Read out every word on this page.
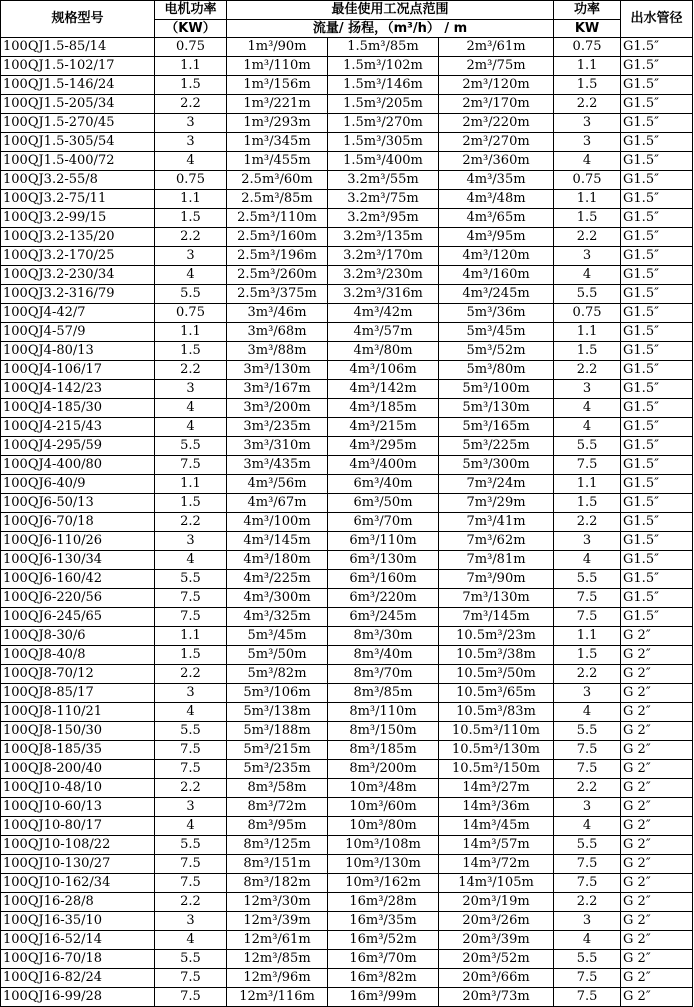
规格型号	电机功率	最佳使用工况点范围			功率	出水管径
	（KW）	流量/ 扬程，（m³/h） / m			KW	
100QJ1.5-85/14	0.75	1m³/90m	1.5m³/85m	2m³/61m	0.75	G1.5″
100QJ1.5-102/17	1.1	1m³/110m	1.5m³/102m	2m³/75m	1.1	G1.5″
100QJ1.5-146/24	1.5	1m³/156m	1.5m³/146m	2m³/120m	1.5	G1.5″
100QJ1.5-205/34	2.2	1m³/221m	1.5m³/205m	2m³/170m	2.2	G1.5″
100QJ1.5-270/45	3	1m³/293m	1.5m³/270m	2m³/220m	3	G1.5″
100QJ1.5-305/54	3	1m³/345m	1.5m³/305m	2m³/270m	3	G1.5″
100QJ1.5-400/72	4	1m³/455m	1.5m³/400m	2m³/360m	4	G1.5″
100QJ3.2-55/8	0.75	2.5m³/60m	3.2m³/55m	4m³/35m	0.75	G1.5″
100QJ3.2-75/11	1.1	2.5m³/85m	3.2m³/75m	4m³/48m	1.1	G1.5″
100QJ3.2-99/15	1.5	2.5m³/110m	3.2m³/95m	4m³/65m	1.5	G1.5″
100QJ3.2-135/20	2.2	2.5m³/160m	3.2m³/135m	4m³/95m	2.2	G1.5″
100QJ3.2-170/25	3	2.5m³/196m	3.2m³/170m	4m³/120m	3	G1.5″
100QJ3.2-230/34	4	2.5m³/260m	3.2m³/230m	4m³/160m	4	G1.5″
100QJ3.2-316/79	5.5	2.5m³/375m	3.2m³/316m	4m³/245m	5.5	G1.5″
100QJ4-42/7	0.75	3m³/46m	4m³/42m	5m³/36m	0.75	G1.5″
100QJ4-57/9	1.1	3m³/68m	4m³/57m	5m³/45m	1.1	G1.5″
100QJ4-80/13	1.5	3m³/88m	4m³/80m	5m³/52m	1.5	G1.5″
100QJ4-106/17	2.2	3m³/130m	4m³/106m	5m³/80m	2.2	G1.5″
100QJ4-142/23	3	3m³/167m	4m³/142m	5m³/100m	3	G1.5″
100QJ4-185/30	4	3m³/200m	4m³/185m	5m³/130m	4	G1.5″
100QJ4-215/43	4	3m³/235m	4m³/215m	5m³/165m	4	G1.5″
100QJ4-295/59	5.5	3m³/310m	4m³/295m	5m³/225m	5.5	G1.5″
100QJ4-400/80	7.5	3m³/435m	4m³/400m	5m³/300m	7.5	G1.5″
100QJ6-40/9	1.1	4m³/56m	6m³/40m	7m³/24m	1.1	G1.5″
100QJ6-50/13	1.5	4m³/67m	6m³/50m	7m³/29m	1.5	G1.5″
100QJ6-70/18	2.2	4m³/100m	6m³/70m	7m³/41m	2.2	G1.5″
100QJ6-110/26	3	4m³/145m	6m³/110m	7m³/62m	3	G1.5″
100QJ6-130/34	4	4m³/180m	6m³/130m	7m³/81m	4	G1.5″
100QJ6-160/42	5.5	4m³/225m	6m³/160m	7m³/90m	5.5	G1.5″
100QJ6-220/56	7.5	4m³/300m	6m³/220m	7m³/130m	7.5	G1.5″
100QJ6-245/65	7.5	4m³/325m	6m³/245m	7m³/145m	7.5	G1.5″
100QJ8-30/6	1.1	5m³/45m	8m³/30m	10.5m³/23m	1.1	G 2″
100QJ8-40/8	1.5	5m³/50m	8m³/40m	10.5m³/38m	1.5	G 2″
100QJ8-70/12	2.2	5m³/82m	8m³/70m	10.5m³/50m	2.2	G 2″
100QJ8-85/17	3	5m³/106m	8m³/85m	10.5m³/65m	3	G 2″
100QJ8-110/21	4	5m³/138m	8m³/110m	10.5m³/83m	4	G 2″
100QJ8-150/30	5.5	5m³/188m	8m³/150m	10.5m³/110m	5.5	G 2″
100QJ8-185/35	7.5	5m³/215m	8m³/185m	10.5m³/130m	7.5	G 2″
100QJ8-200/40	7.5	5m³/235m	8m³/200m	10.5m³/150m	7.5	G 2″
100QJ10-48/10	2.2	8m³/58m	10m³/48m	14m³/27m	2.2	G 2″
100QJ10-60/13	3	8m³/72m	10m³/60m	14m³/36m	3	G 2″
100QJ10-80/17	4	8m³/95m	10m³/80m	14m³/45m	4	G 2″
100QJ10-108/22	5.5	8m³/125m	10m³/108m	14m³/57m	5.5	G 2″
100QJ10-130/27	7.5	8m³/151m	10m³/130m	14m³/72m	7.5	G 2″
100QJ10-162/34	7.5	8m³/182m	10m³/162m	14m³/105m	7.5	G 2″
100QJ16-28/8	2.2	12m³/30m	16m³/28m	20m³/19m	2.2	G 2″
100QJ16-35/10	3	12m³/39m	16m³/35m	20m³/26m	3	G 2″
100QJ16-52/14	4	12m³/61m	16m³/52m	20m³/39m	4	G 2″
100QJ16-70/18	5.5	12m³/85m	16m³/70m	20m³/52m	5.5	G 2″
100QJ16-82/24	7.5	12m³/96m	16m³/82m	20m³/66m	7.5	G 2″
100QJ16-99/28	7.5	12m³/116m	16m³/99m	20m³/73m	7.5	G 2″
